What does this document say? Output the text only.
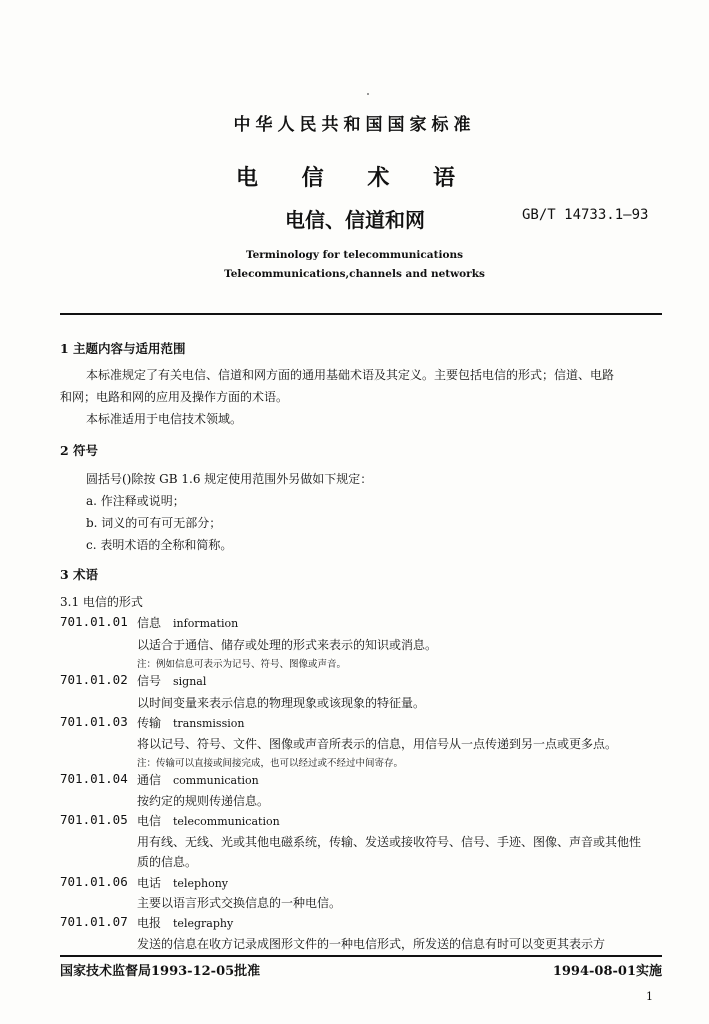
中华人民共和国国家标准
电 信 术 语
电信、信道和网	GB/T 14733.1—93
Terminology for telecommunications
Telecommunications,channels and networks
1 主题内容与适用范围
本标准规定了有关电信、信道和网方面的通用基础术语及其定义。主要包括电信的形式；信道、电路
和网；电路和网的应用及操作方面的术语。
本标准适用于电信技术领域。
2 符号
圆括号()除按 GB 1.6 规定使用范围外另做如下规定：
a. 作注释或说明；
b. 词义的可有可无部分；
c. 表明术语的全称和简称。
3 术语
3.1 电信的形式
701.01.01 信息 information
以适合于通信、储存或处理的形式来表示的知识或消息。
注：例如信息可表示为记号、符号、图像或声音。
701.01.02 信号 signal
以时间变量来表示信息的物理现象或该现象的特征量。
701.01.03 传输 transmission
将以记号、符号、文件、图像或声音所表示的信息，用信号从一点传递到另一点或更多点。
注：传输可以直接或间接完成，也可以经过或不经过中间寄存。
701.01.04 通信 communication
按约定的规则传递信息。
701.01.05 电信 telecommunication
用有线、无线、光或其他电磁系统，传输、发送或接收符号、信号、手迹、图像、声音或其他性
质的信息。
701.01.06 电话 telephony
主要以语言形式交换信息的一种电信。
701.01.07 电报 telegraphy
发送的信息在收方记录成图形文件的一种电信形式，所发送的信息有时可以变更其表示方
国家技术监督局1993-12-05批准	1994-08-01实施
1
